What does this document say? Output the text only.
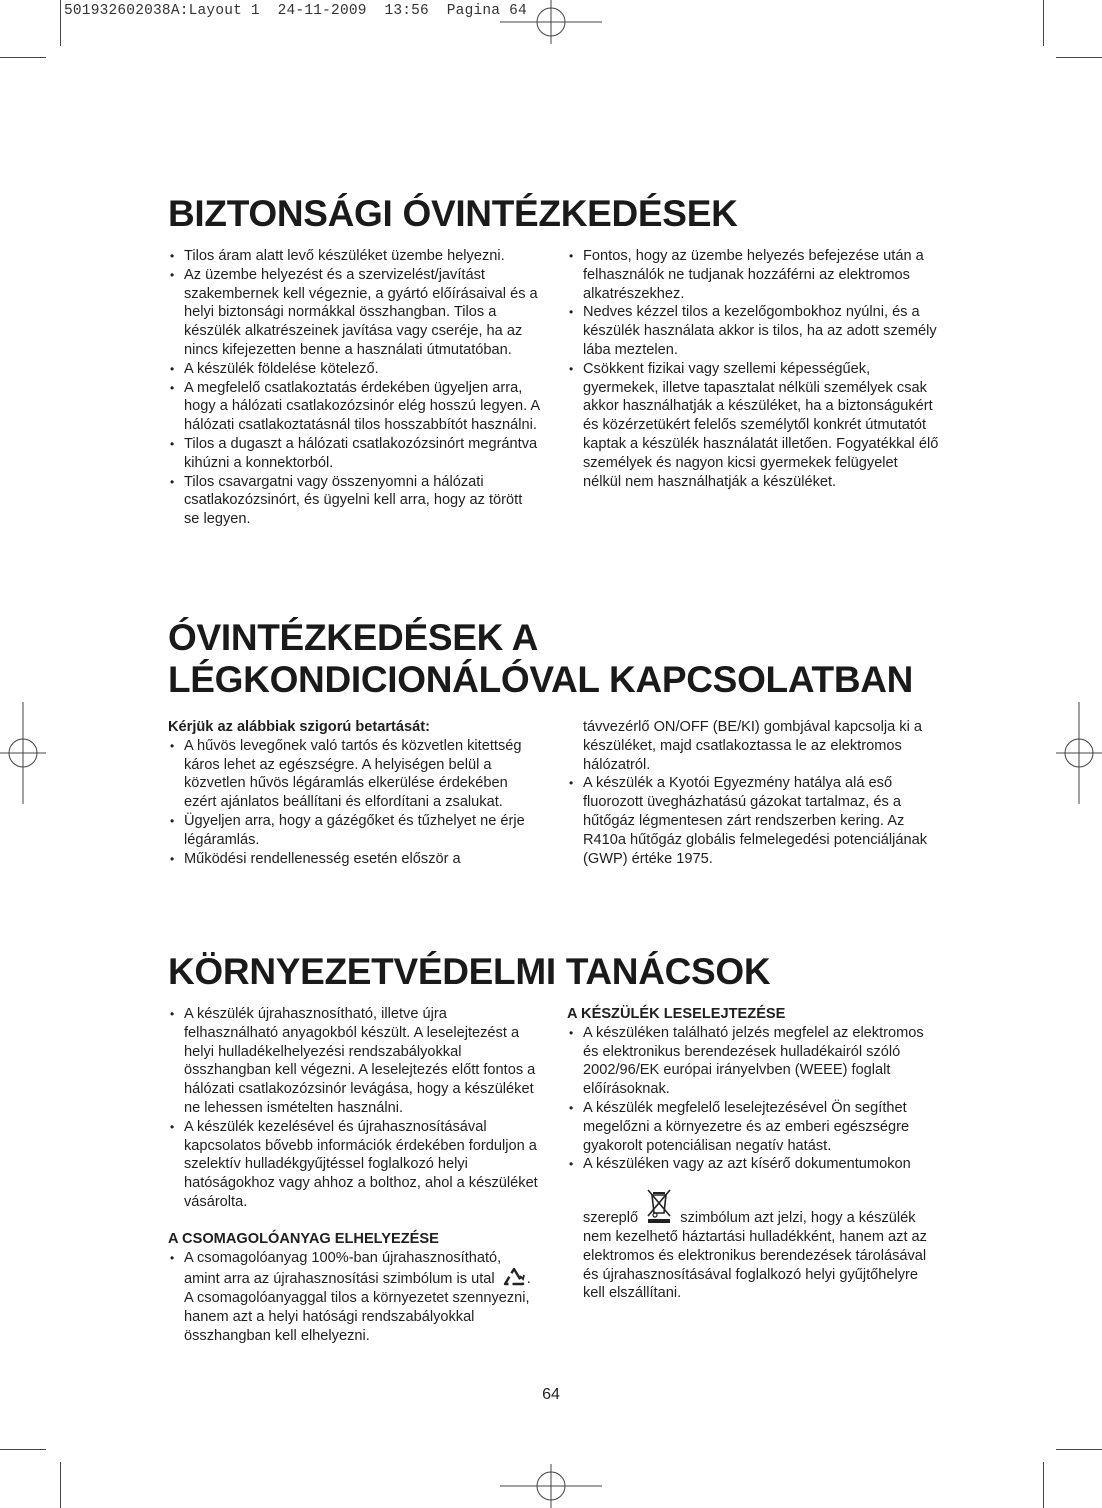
501932602038A:Layout 1  24-11-2009  13:56  Pagina 64
BIZTONSÁGI ÓVINTÉZKEDÉSEK
• Tilos áram alatt levő készüléket üzembe helyezni.
• Az üzembe helyezést és a szervizelést/javítást szakembernek kell végeznie, a gyártó előírásaival és a helyi biztonsági normákkal összhangban. Tilos a készülék alkatrészeinek javítása vagy cseréje, ha az nincs kifejezetten benne a használati útmutatóban.
• A készülék földelése kötelező.
• A megfelelő csatlakoztatás érdekében ügyeljen arra, hogy a hálózati csatlakozózsinór elég hosszú legyen. A hálózati csatlakoztatásnál tilos hosszabbítót használni.
• Tilos a dugaszt a hálózati csatlakozózsinórt megrántva kihúzni a konnektorból.
• Tilos csavargatni vagy összenyomni a hálózati csatlakozózsinórt, és ügyelni kell arra, hogy az törött se legyen.
• Fontos, hogy az üzembe helyezés befejezése után a felhasználók ne tudjanak hozzáférni az elektromos alkatrészekhez.
• Nedves kézzel tilos a kezelőgombokhoz nyúlni, és a készülék használata akkor is tilos, ha az adott személy lába meztelen.
• Csökkent fizikai vagy szellemi képességűek, gyermekek, illetve tapasztalat nélküli személyek csak akkor használhatják a készüléket, ha a biztonságukért és közérzetükért felelős személytől konkrét útmutatót kaptak a készülék használatát illetően. Fogyatékkal élő személyek és nagyon kicsi gyermekek felügyelet nélkül nem használhatják a készüléket.
ÓVINTÉZKEDÉSEK A
LÉGKONDICIONÁLÓVAL KAPCSOLATBAN
Kérjük az alábbiak szigorú betartását:
• A hűvös levegőnek való tartós és közvetlen kitettség káros lehet az egészségre. A helyiségen belül a közvetlen hűvös légáramlás elkerülése érdekében ezért ajánlatos beállítani és elfordítani a zsalukat.
• Ügyeljen arra, hogy a gázégőket és tűzhelyet ne érje légáramlás.
• Működési rendellenesség esetén először a
távvezérlő ON/OFF (BE/KI) gombjával kapcsolja ki a készüléket, majd csatlakoztassa le az elektromos hálózatról.
• A készülék a Kyotói Egyezmény hatálya alá eső fluorozott üvegházhatású gázokat tartalmaz, és a hűtőgáz légmentesen zárt rendszerben kering. Az R410a hűtőgáz globális felmelegedési potenciáljának (GWP) értéke 1975.
KÖRNYEZETVÉDELMI TANÁCSOK
• A készülék újrahasznosítható, illetve újra felhasználható anyagokból készült. A leselejtezést a helyi hulladékelhelyezési rendszabályokkal összhangban kell végezni. A leselejtezés előtt fontos a hálózati csatlakozózsinór levágása, hogy a készüléket ne lehessen ismételten használni.
• A készülék kezelésével és újrahasznosításával kapcsolatos bővebb információk érdekében forduljon a szelektív hulladékgyűjtéssel foglalkozó helyi hatóságokhoz vagy ahhoz a bolthoz, ahol a készüléket vásárolta.
A CSOMAGOLÓANYAG ELHELYEZÉSE
• A csomagolóanyag 100%-ban újrahasznosítható, amint arra az újrahasznosítási szimbólum is utal . A csomagolóanyaggal tilos a környezetet szennyezni, hanem azt a helyi hatósági rendszabályokkal összhangban kell elhelyezni.
A KÉSZÜLÉK LESELEJTEZÉSE
• A készüléken található jelzés megfelel az elektromos és elektronikus berendezések hulladékairól szóló 2002/96/EK európai irányelvben (WEEE) foglalt előírásoknak.
• A készülék megfelelő leselejtezésével Ön segíthet megelőzni a környezetre és az emberi egészségre gyakorolt potenciálisan negatív hatást.
• A készüléken vagy az azt kísérő dokumentumokon

szereplő	szimbólum azt jelzi, hogy a készülék nem kezelhető háztartási hulladékként, hanem azt az elektromos és elektronikus berendezések tárolásával és újrahasznosításával foglalkozó helyi gyűjtőhelyre kell elszállítani.
64
